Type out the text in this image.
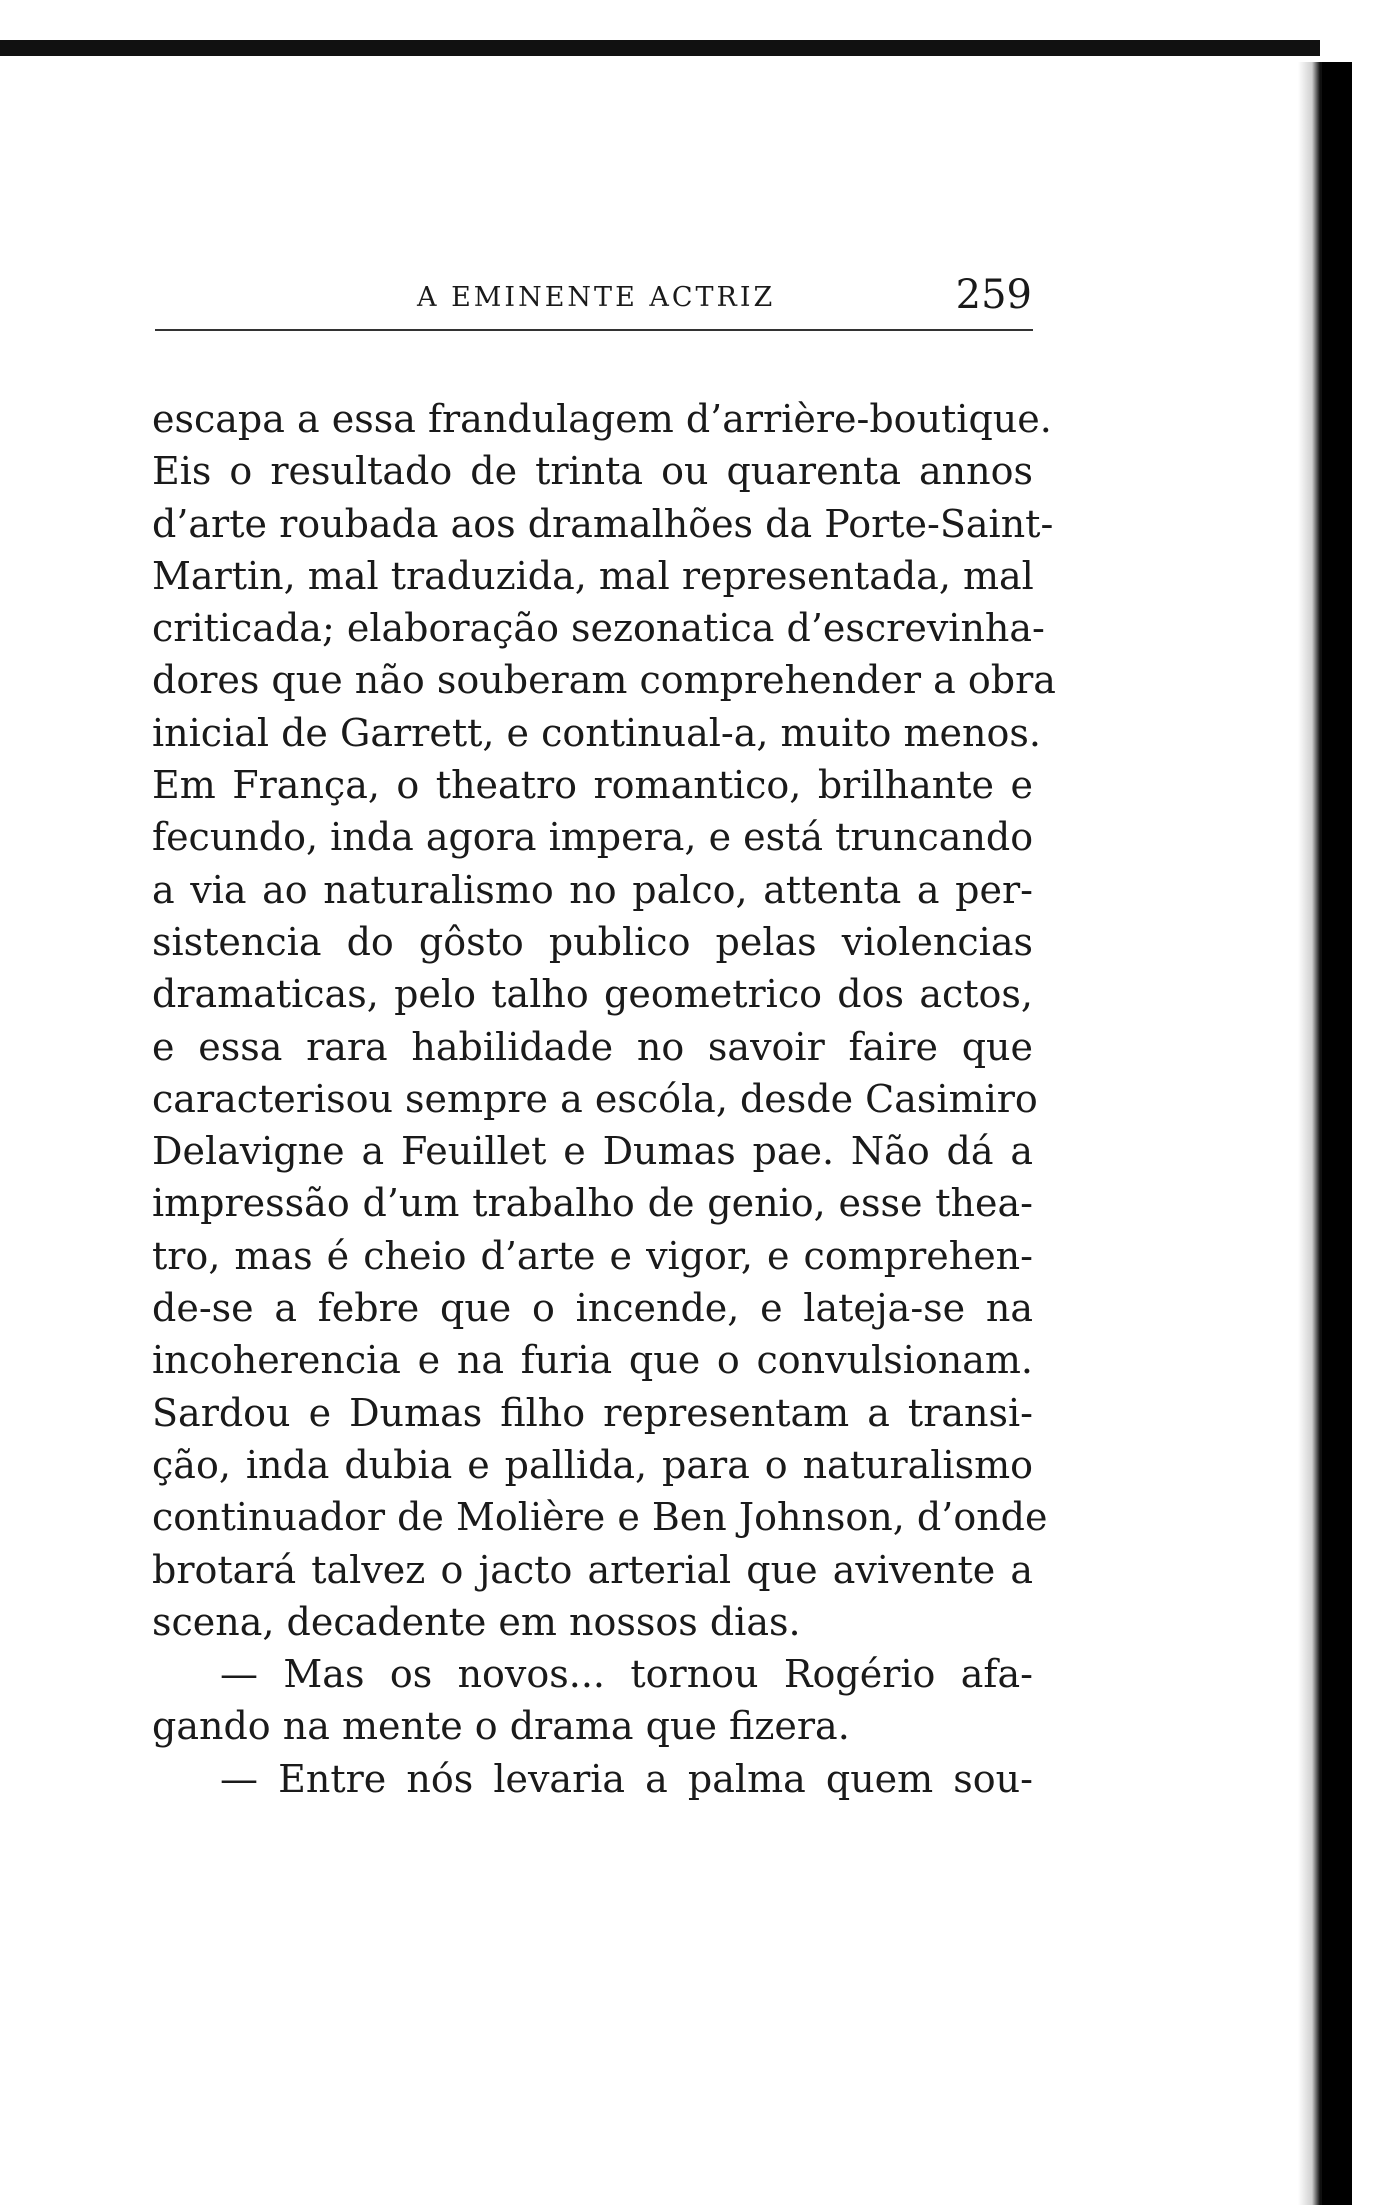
A EMINENTE ACTRIZ	259
escapa a essa frandulagem d’arrière-boutique.
Eis o resultado de trinta ou quarenta annos
d’arte roubada aos dramalhões da Porte-Saint-
Martin, mal traduzida, mal representada, mal
criticada; elaboração sezonatica d’escrevinha-
dores que não souberam comprehender a obra
inicial de Garrett, e continual-a, muito menos.
Em França, o theatro romantico, brilhante e
fecundo, inda agora impera, e está truncando
a via ao naturalismo no palco, attenta a per-
sistencia do gôsto publico pelas violencias
dramaticas, pelo talho geometrico dos actos,
e essa rara habilidade no savoir faire que
caracterisou sempre a escóla, desde Casimiro
Delavigne a Feuillet e Dumas pae. Não dá a
impressão d’um trabalho de genio, esse thea-
tro, mas é cheio d’arte e vigor, e comprehen-
de-se a febre que o incende, e lateja-se na
incoherencia e na furia que o convulsionam.
Sardou e Dumas filho representam a transi-
ção, inda dubia e pallida, para o naturalismo
continuador de Molière e Ben Johnson, d’onde
brotará talvez o jacto arterial que avivente a
scena, decadente em nossos dias.
— Mas os novos... tornou Rogério afa-
gando na mente o drama que fizera.
— Entre nós levaria a palma quem sou-
